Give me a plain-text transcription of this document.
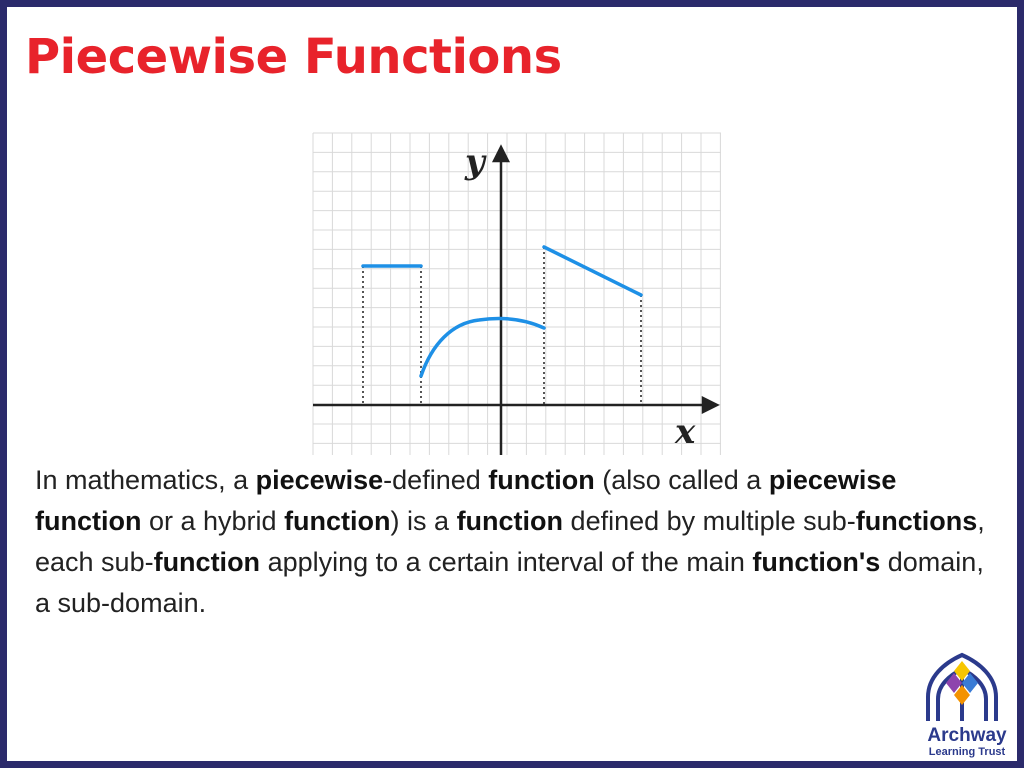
Piecewise Functions
y
x

In mathematics, a piecewise-defined function (also called a piecewise function or a hybrid function) is a function defined by multiple sub-functions, each sub-function applying to a certain interval of the main function's domain, a sub-domain.

Archway
Learning Trust
